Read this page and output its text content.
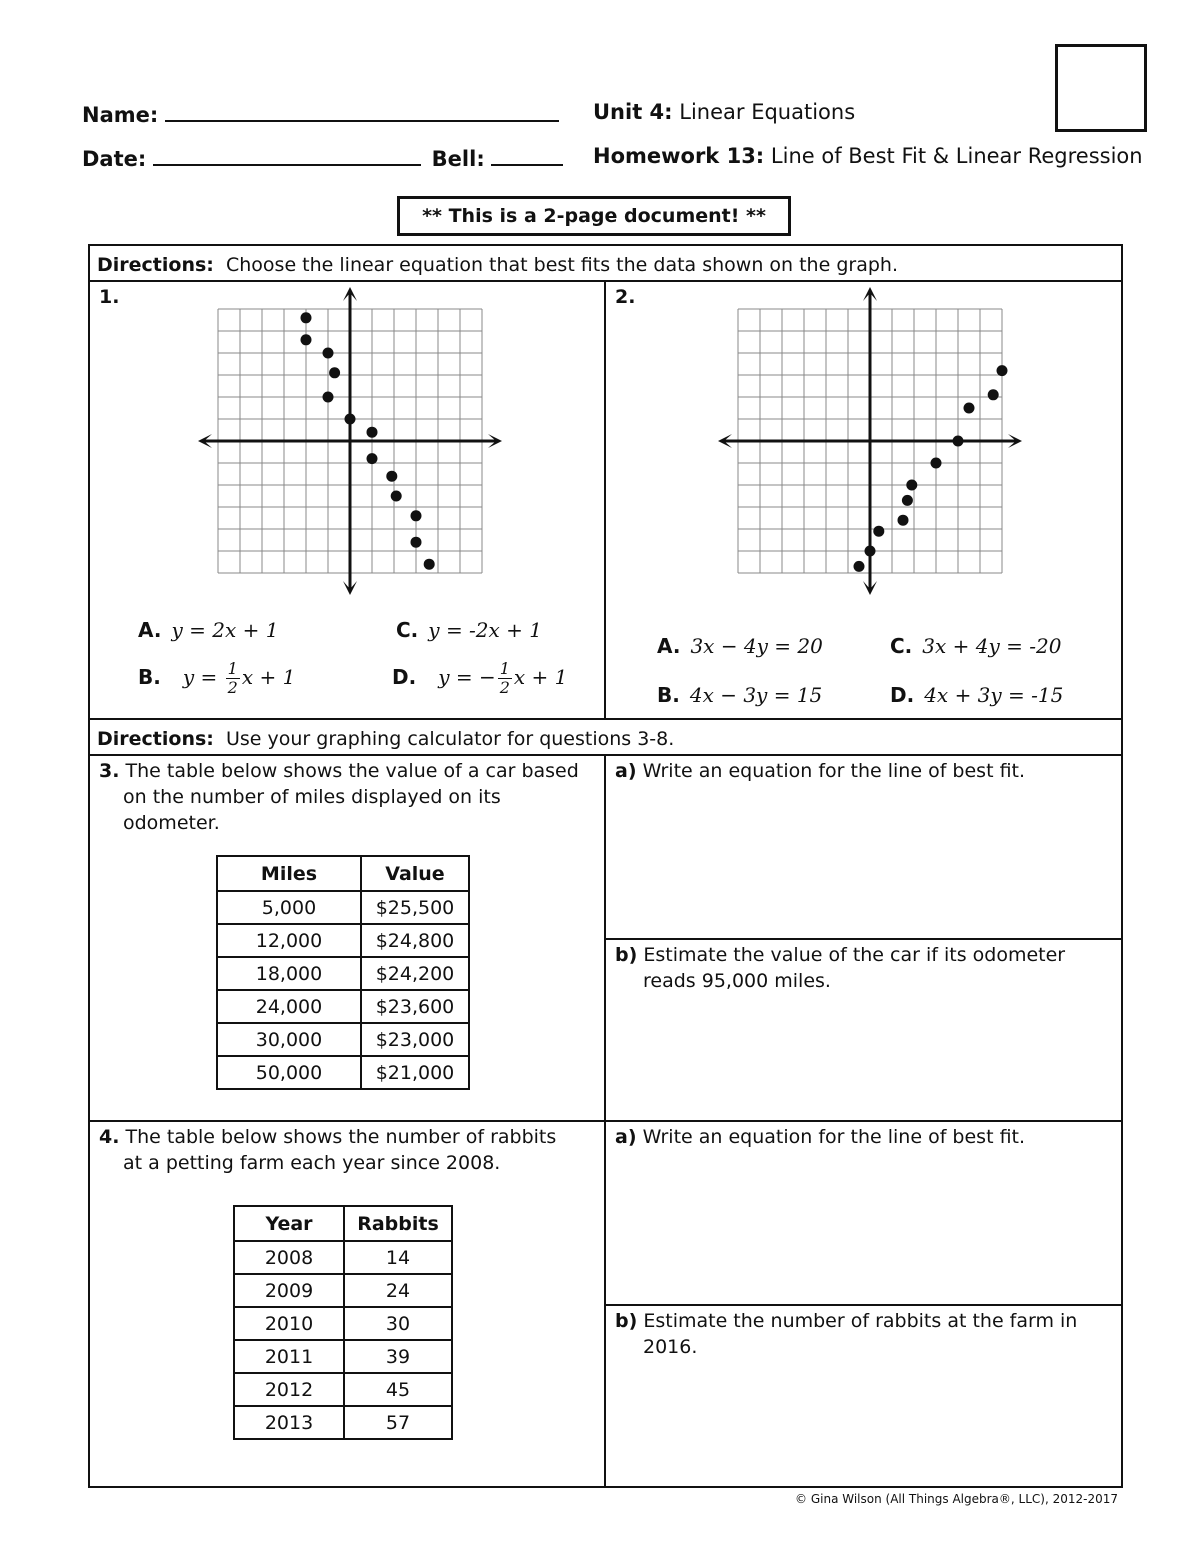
Name:
Date:	Bell:
Unit 4: Linear Equations
Homework 13: Line of Best Fit & Linear Regression
** This is a 2-page document! **
Directions: Choose the linear equation that best fits the data shown on the graph.
1.
A. y = 2x + 1	C. y = -2x + 1
B. $y = \frac{1}{2}$ x + 1	D. y = − $\frac{1}{2}$ x + 1
2.
A. 3x − 4y = 20	C. 3x + 4y = -20
B. 4x − 3y = 15	D. 4x + 3y = -15
Directions: Use your graphing calculator for questions 3-8.
3. The table below shows the value of a car based on the number of miles displayed on its odometer.
Miles	Value
5,000	$25,500
12,000	$24,800
18,000	$24,200
24,000	$23,600
30,000	$23,000
50,000	$21,000
a) Write an equation for the line of best fit.
b) Estimate the value of the car if its odometer reads 95,000 miles.
4. The table below shows the number of rabbits at a petting farm each year since 2008.
Year	Rabbits
2008	14
2009	24
2010	30
2011	39
2012	45
2013	57
a) Write an equation for the line of best fit.
b) Estimate the number of rabbits at the farm in 2016.
© Gina Wilson (All Things Algebra®, LLC), 2012-2017
